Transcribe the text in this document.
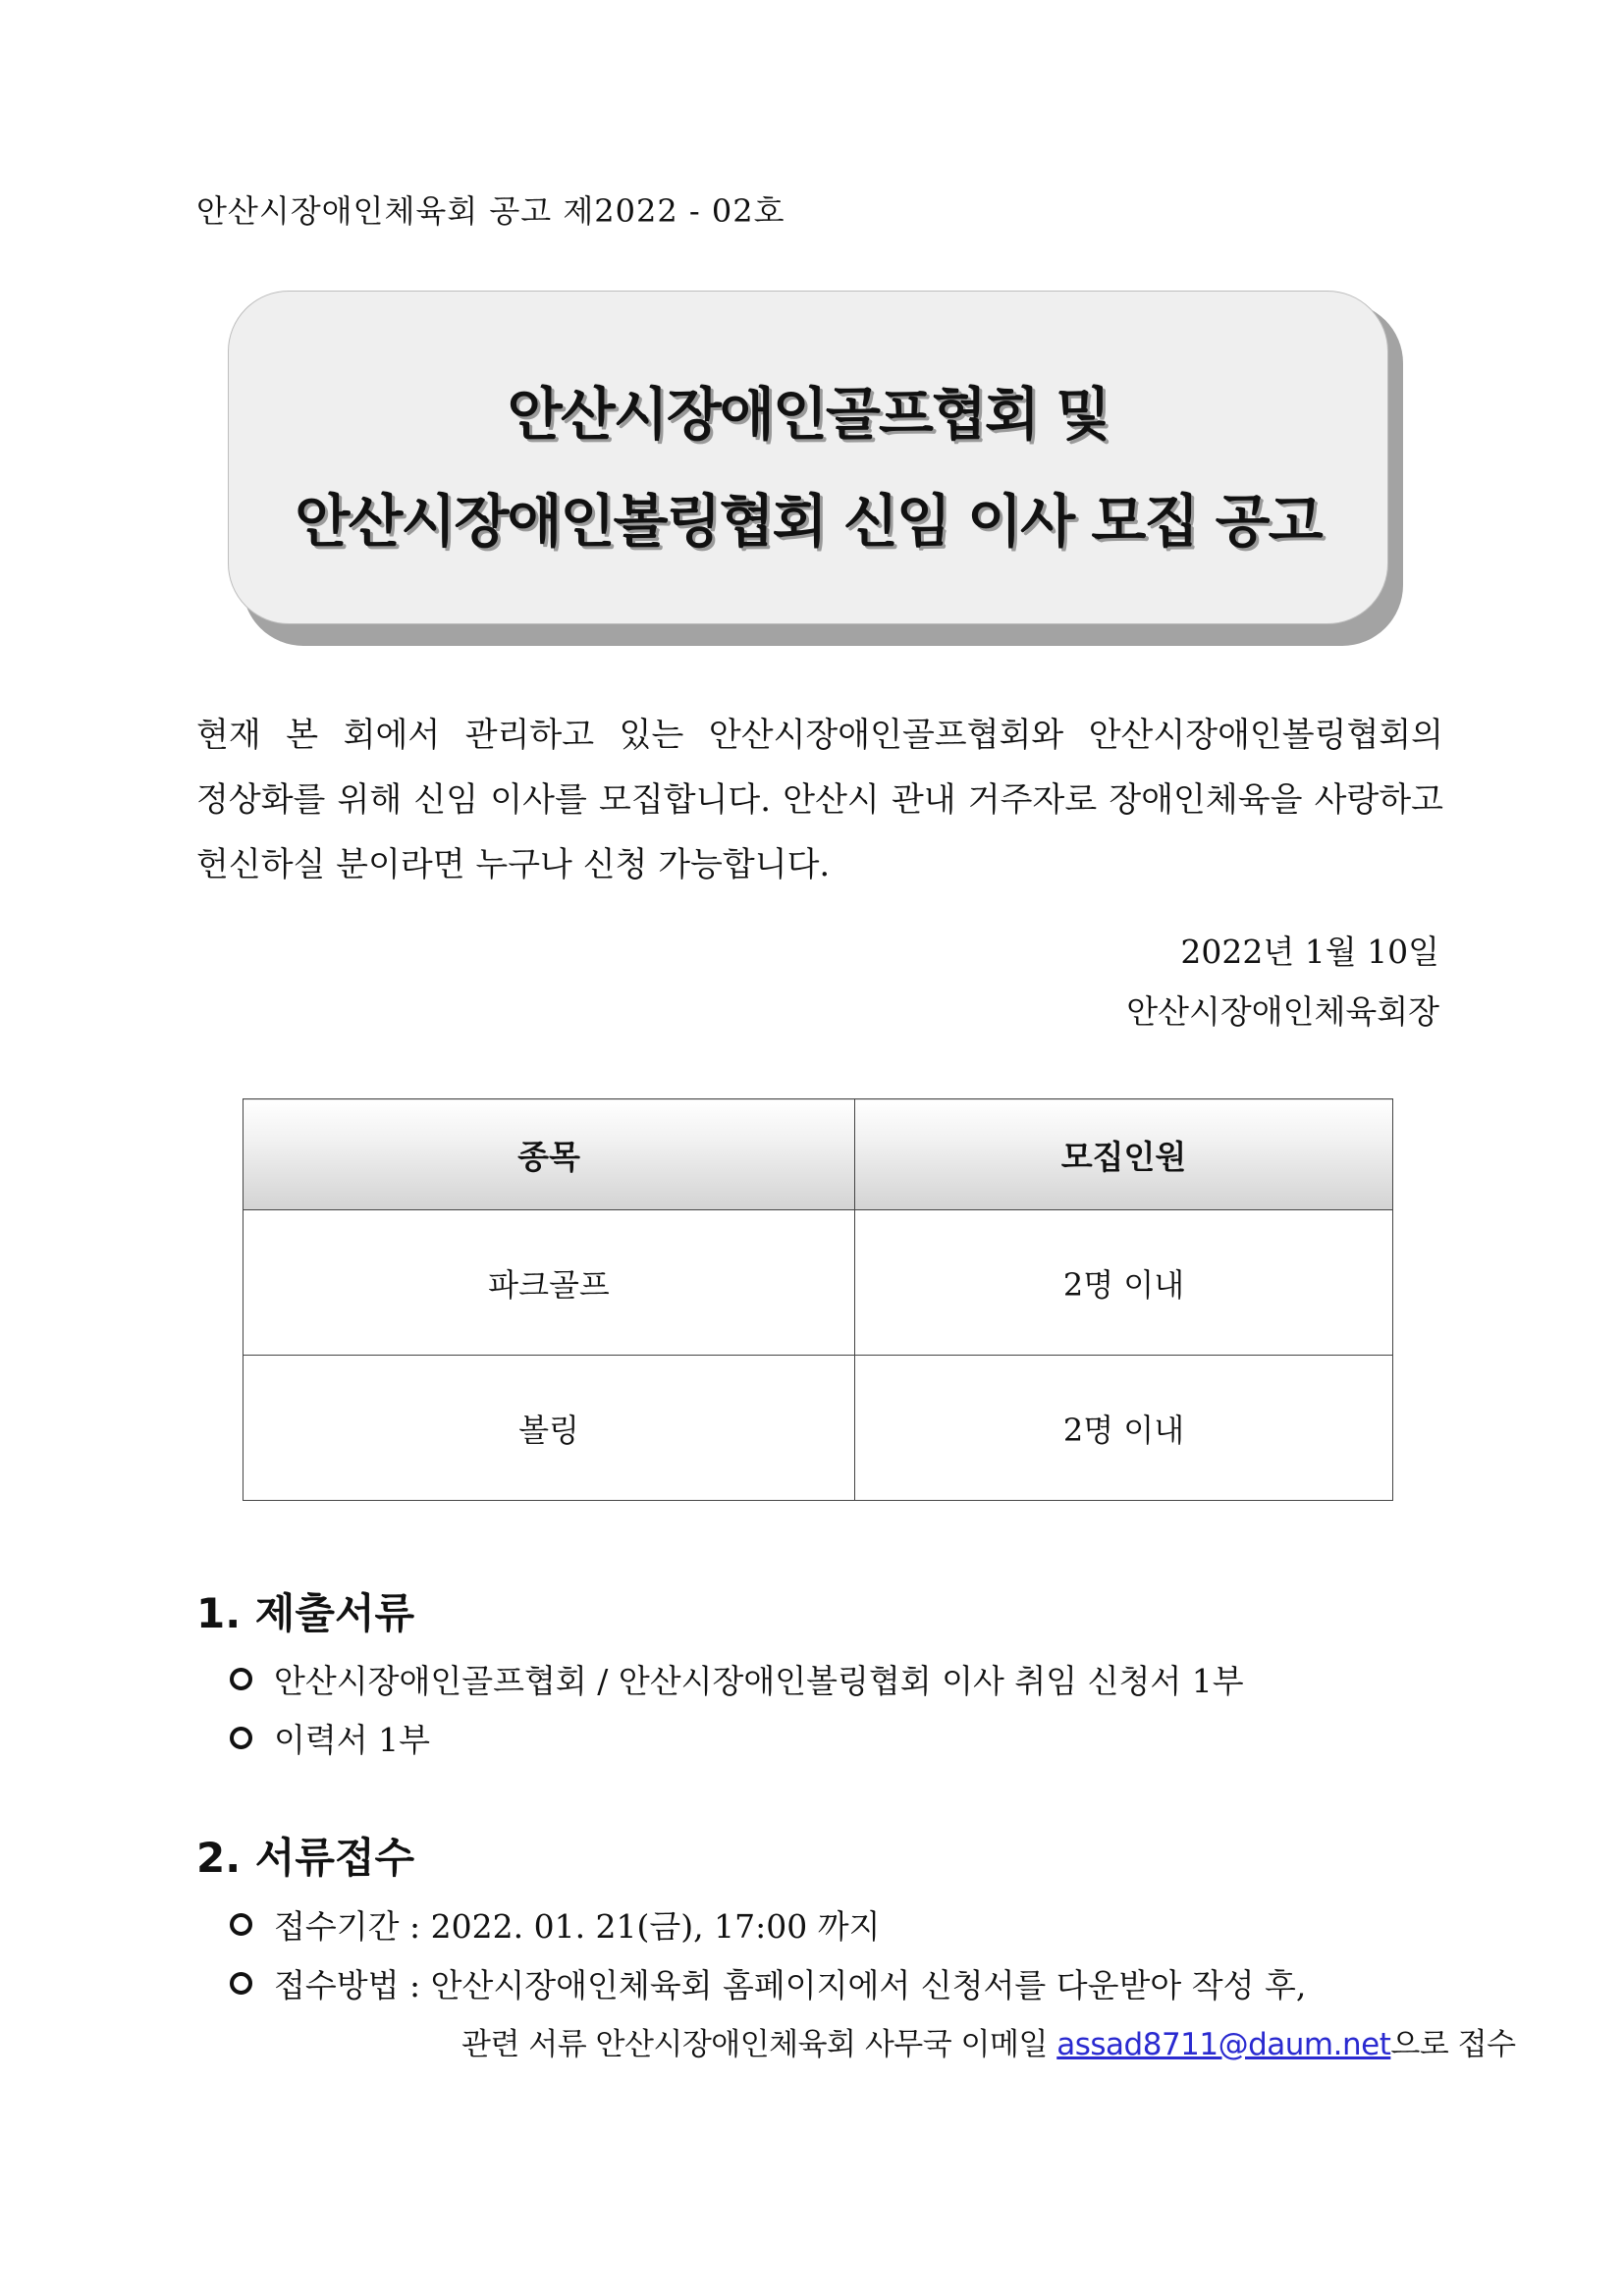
안산시장애인체육회 공고 제2022 - 02호
안산시장애인골프협회 및
안산시장애인볼링협회 신임 이사 모집 공고
현재 본 회에서 관리하고 있는 안산시장애인골프협회와 안산시장애인볼링협회의 정상화를 위해 신임 이사를 모집합니다. 안산시 관내 거주자로 장애인체육을 사랑하고 헌신하실 분이라면 누구나 신청 가능합니다.
2022년 1월 10일
안산시장애인체육회장
종목	모집인원
파크골프	2명 이내
볼링	2명 이내
1. 제출서류
안산시장애인골프협회 / 안산시장애인볼링협회 이사 취임 신청서 1부
이력서 1부
2. 서류접수
접수기간 : 2022. 01. 21(금), 17:00 까지
접수방법 : 안산시장애인체육회 홈페이지에서 신청서를 다운받아 작성 후,
관련 서류 안산시장애인체육회 사무국 이메일 assad8711@daum.net으로 접수
